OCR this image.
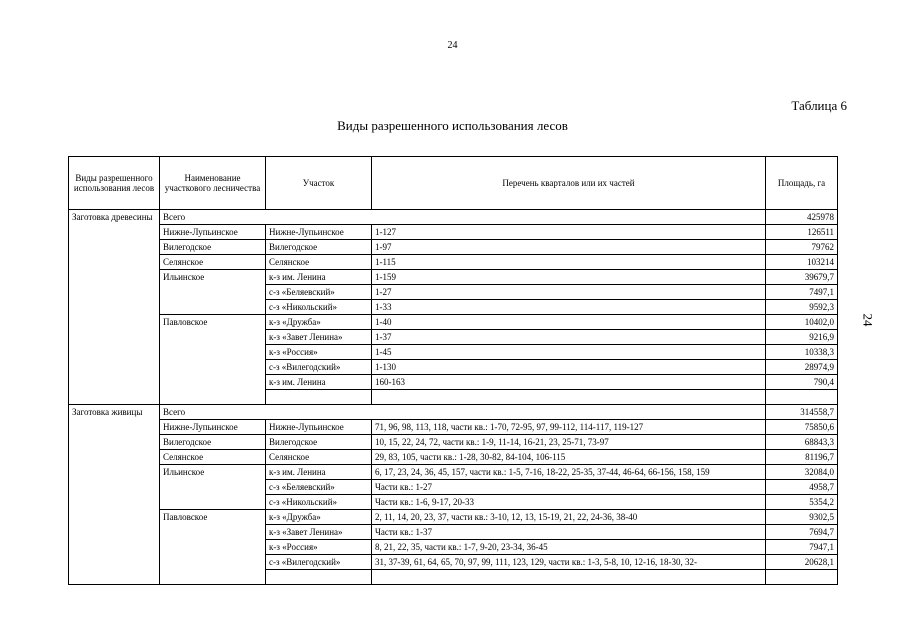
24
24
Таблица 6
Виды разрешенного использования лесов
Виды разрешенного использования лесов	Наименование участкового лесничества	Участок	Перечень кварталов или их частей	Площадь, га
Заготовка древесины	Всего			425978
	Нижне-Лупьинское	Нижне-Лупьинское	1-127	126511
	Вилегодское	Вилегодское	1-97	79762
	Селянское	Селянское	1-115	103214
	Ильинское	к-з им. Ленина	1-159	39679,7
		с-з «Беляевский»	1-27	7497,1
		с-з «Никольский»	1-33	9592,3
	Павловское	к-з «Дружба»	1-40	10402,0
		к-з «Завет Ленина»	1-37	9216,9
		к-з «Россия»	1-45	10338,3
		с-з «Вилегодский»	1-130	28974,9
		к-з им. Ленина	160-163	790,4

Заготовка живицы	Всего			314558,7
	Нижне-Лупьинское	Нижне-Лупьинское	71, 96, 98, 113, 118, части кв.: 1-70, 72-95, 97, 99-112, 114-117, 119-127	75850,6
	Вилегодское	Вилегодское	10, 15, 22, 24, 72, части кв.: 1-9, 11-14, 16-21, 23, 25-71, 73-97	68843,3
	Селянское	Селянское	29, 83, 105, части кв.: 1-28, 30-82, 84-104, 106-115	81196,7
	Ильинское	к-з им. Ленина	6, 17, 23, 24, 36, 45, 157, части кв.: 1-5, 7-16, 18-22, 25-35, 37-44, 46-64, 66-156, 158, 159	32084,0
		с-з «Беляевский»	Части кв.: 1-27	4958,7
		с-з «Никольский»	Части кв.: 1-6, 9-17, 20-33	5354,2
	Павловское	к-з «Дружба»	2, 11, 14, 20, 23, 37, части кв.: 3-10, 12, 13, 15-19, 21, 22, 24-36, 38-40	9302,5
		к-з «Завет Ленина»	Части кв.: 1-37	7694,7
		к-з «Россия»	8, 21, 22, 35, части кв.: 1-7, 9-20, 23-34, 36-45	7947,1
		с-з «Вилегодский»	31, 37-39, 61, 64, 65, 70, 97, 99, 111, 123, 129, части кв.: 1-3, 5-8, 10, 12-16, 18-30, 32-	20628,1
